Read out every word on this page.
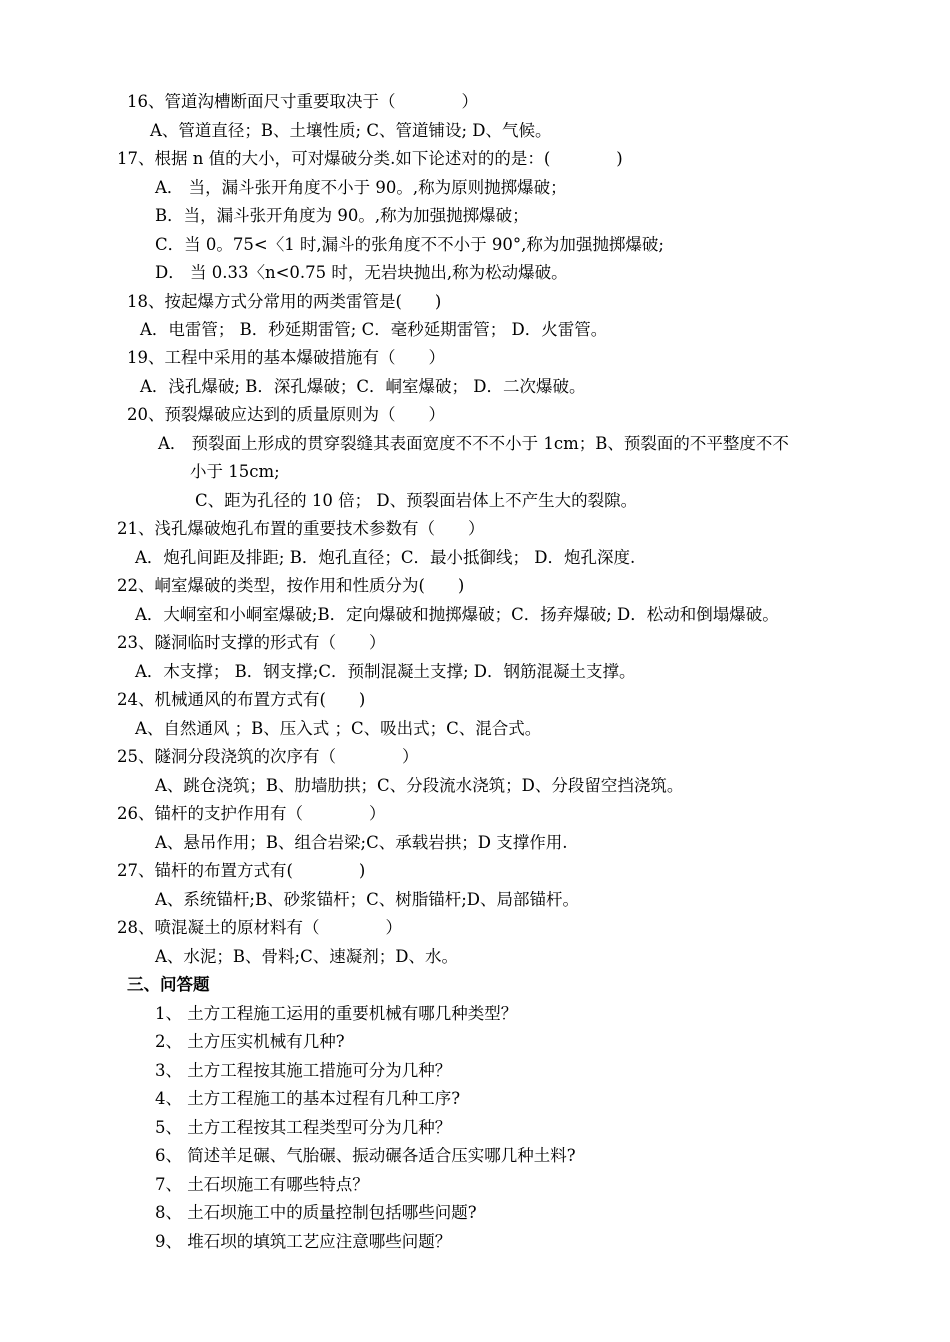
16、管道沟槽断面尺寸重要取决于（　　　　）
A、管道直径；B、土壤性质; C、管道铺设; D、气候。
17、根据 n 值的大小，可对爆破分类.如下论述对的的是：(　　　　)
A． 当，漏斗张开角度不小于 90。,称为原则抛掷爆破；
B．当，漏斗张开角度为 90。,称为加强抛掷爆破；
C．当 0。75<〈1 时,漏斗的张角度不不小于 90°,称为加强抛掷爆破;
D． 当 0.33〈n<0.75 时，无岩块抛出,称为松动爆破。
18、按起爆方式分常用的两类雷管是(　　)
A．电雷管； B．秒延期雷管; C．毫秒延期雷管； D．火雷管。
19、工程中采用的基本爆破措施有（　　）
A．浅孔爆破; B．深孔爆破；C．峒室爆破； D．二次爆破。
20、预裂爆破应达到的质量原则为（　　）
A． 预裂面上形成的贯穿裂缝其表面宽度不不不小于 1cm；B、预裂面的不平整度不不
小于 15cm;
C、距为孔径的 10 倍； D、预裂面岩体上不产生大的裂隙。
21、浅孔爆破炮孔布置的重要技术参数有（　　）
A．炮孔间距及排距; B．炮孔直径；C．最小抵御线； D．炮孔深度.
22、峒室爆破的类型，按作用和性质分为(　　)
A．大峒室和小峒室爆破;B．定向爆破和抛掷爆破；C．扬弃爆破; D．松动和倒塌爆破。
23、隧洞临时支撑的形式有（　　）
A．木支撑； B．钢支撑;C．预制混凝土支撑; D．钢筋混凝土支撑。
24、机械通风的布置方式有(　　)
A、自然通风 ；B、压入式 ；C、吸出式；C、混合式。
25、隧洞分段浇筑的次序有（　　　　）
A、跳仓浇筑；B、肋墙肋拱；C、分段流水浇筑；D、分段留空挡浇筑。
26、锚杆的支护作用有（　　　　）
A、悬吊作用；B、组合岩梁;C、承载岩拱；D 支撑作用.
27、锚杆的布置方式有(　　　　)
A、系统锚杆;B、砂浆锚杆；C、树脂锚杆;D、局部锚杆。
28、喷混凝土的原材料有（　　　　）
A、水泥；B、骨料;C、速凝剂；D、水。
三、问答题
1、 土方工程施工运用的重要机械有哪几种类型？
2、 土方压实机械有几种?
3、 土方工程按其施工措施可分为几种？
4、 土方工程施工的基本过程有几种工序?
5、 土方工程按其工程类型可分为几种？
6、 简述羊足碾、气胎碾、振动碾各适合压实哪几种土料?
7、 土石坝施工有哪些特点？
8、 土石坝施工中的质量控制包括哪些问题?
9、 堆石坝的填筑工艺应注意哪些问题？
